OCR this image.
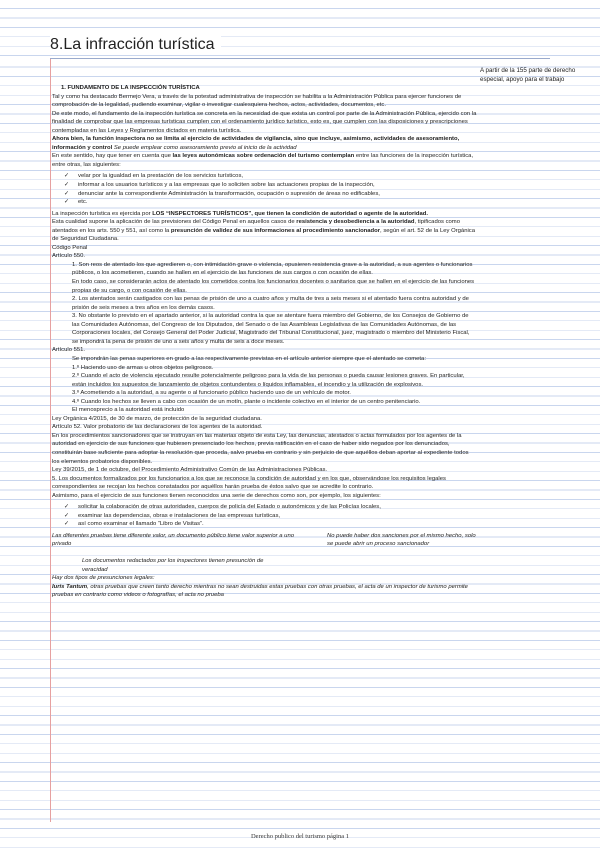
8.La infracción turística
A partir de la 155 parte de derecho especial, apoyo para el trabajo

1. FUNDAMENTO DE LA INSPECCIÓN TURÍSTICA

Tal y como ha destacado Bermejo Vera, a través de la potestad administrativa de inspección se habilita a la Administración Pública para ejercer funciones de comprobación de la legalidad, pudiendo examinar, vigilar o investigar cualesquiera hechos, actos, actividades, documentos, etc.

De este modo, el fundamento de la inspección turística se concreta en la necesidad de que exista un control por parte de la Administración Pública, ejercido con la finalidad de comprobar que las empresas turísticas cumplen con el ordenamiento jurídico turístico, esto es, que cumplen con las disposiciones y prescripciones contempladas en las Leyes y Reglamentos dictados en materia turística.

Ahora bien, la función inspectora no se limita al ejercicio de actividades de vigilancia, sino que incluye, asimismo, actividades de asesoramiento, información y control Se puede emplear como asesoramiento previo al inicio de la actividad

En este sentido, hay que tener en cuenta que las leyes autonómicas sobre ordenación del turismo contemplan entre las funciones de la inspección turística, entre otras, las siguientes:

✓ velar por la igualdad en la prestación de los servicios turísticos,
✓ informar a los usuarios turísticos y a las empresas que lo soliciten sobre las actuaciones propias de la inspección,
✓ denunciar ante la correspondiente Administración la transformación, ocupación o supresión de áreas no edificables,
✓ etc.

La inspección turística es ejercida por LOS “INSPECTORES TURÍSTICOS”, que tienen la condición de autoridad o agente de la autoridad.

Esta cualidad supone la aplicación de las previsiones del Código Penal en aquellos casos de resistencia y desobediencia a la autoridad, tipificados como atentados en los arts. 550 y 551, así como la presunción de validez de sus informaciones al procedimiento sancionador, según el art. 52 de la Ley Orgánica de Seguridad Ciudadana.

Código Penal

Artículo 550.

1. Son reos de atentado los que agredieren o, con intimidación grave o violencia, opusieren resistencia grave a la autoridad, a sus agentes o funcionarios públicos, o los acometieren, cuando se hallen en el ejercicio de las funciones de sus cargos o con ocasión de ellas.

En todo caso, se considerarán actos de atentado los cometidos contra los funcionarios docentes o sanitarios que se hallen en el ejercicio de las funciones propias de su cargo, o con ocasión de ellas.

2. Los atentados serán castigados con las penas de prisión de uno a cuatro años y multa de tres a seis meses si el atentado fuera contra autoridad y de prisión de seis meses a tres años en los demás casos.

3. No obstante lo previsto en el apartado anterior, si la autoridad contra la que se atentare fuera miembro del Gobierno, de los Consejos de Gobierno de las Comunidades Autónomas, del Congreso de los Diputados, del Senado o de las Asambleas Legislativas de las Comunidades Autónomas, de las Corporaciones locales, del Consejo General del Poder Judicial, Magistrado del Tribunal Constitucional, juez, magistrado o miembro del Ministerio Fiscal, se impondrá la pena de prisión de uno a seis años y multa de seis a doce meses.

Artículo 551.

Se impondrán las penas superiores en grado a las respectivamente previstas en el artículo anterior siempre que el atentado se cometa:

1.º Haciendo uso de armas u otros objetos peligrosos.

2.º Cuando el acto de violencia ejecutado resulte potencialmente peligroso para la vida de las personas o pueda causar lesiones graves. En particular, están incluidos los supuestos de lanzamiento de objetos contundentes o líquidos inflamables, el incendio y la utilización de explosivos.

3.º Acometiendo a la autoridad, a su agente o al funcionario público haciendo uso de un vehículo de motor.

4.º Cuando los hechos se lleven a cabo con ocasión de un motín, plante o incidente colectivo en el interior de un centro penitenciario.

El menosprecio a la autoridad está incluido

Ley Orgánica 4/2015, de 30 de marzo, de protección de la seguridad ciudadana.

Artículo 52. Valor probatorio de las declaraciones de los agentes de la autoridad.

En los procedimientos sancionadores que se instruyan en las materias objeto de esta Ley, las denuncias, atestados o actas formulados por los agentes de la autoridad en ejercicio de sus funciones que hubiesen presenciado los hechos, previa ratificación en el caso de haber sido negados por los denunciados, constituirán base suficiente para adoptar la resolución que proceda, salvo prueba en contrario y sin perjuicio de que aquéllos deban aportar al expediente todos los elementos probatorios disponibles.

Ley 39/2015, de 1 de octubre, del Procedimiento Administrativo Común de las Administraciones Públicas.

5. Los documentos formalizados por los funcionarios a los que se reconoce la condición de autoridad y en los que, observándose los requisitos legales correspondientes se recojan los hechos constatados por aquéllos harán prueba de éstos salvo que se acredite lo contrario.

Asimismo, para el ejercicio de sus funciones tienen reconocidos una serie de derechos como son, por ejemplo, los siguientes:

✓ solicitar la colaboración de otras autoridades, cuerpos de policía del Estado o autonómicos y de las Policías locales,
✓ examinar las dependencias, obras e instalaciones de las empresas turísticas,
✓ así como examinar el llamado “Libro de Visitas”.

Las diferentes pruebas tiene diferente valor, un documento público tiene valor superior a uno privado

No puede haber dos sanciones por el mismo hecho, solo se puede abrir un proceso sancionador

Los documentos redactados por los inspectores tienen presunción de veracidad

Hay dos tipos de presunciones legales:

Iuris Tantum, otras pruebas que creen tanto derecho mientras no sean destruidas estas pruebas con otras pruebas, el acta de un inspector de turismo permite pruebas en contrario como videos o fotografías, el acta no prueba

Derecho publico del turismo página 1
